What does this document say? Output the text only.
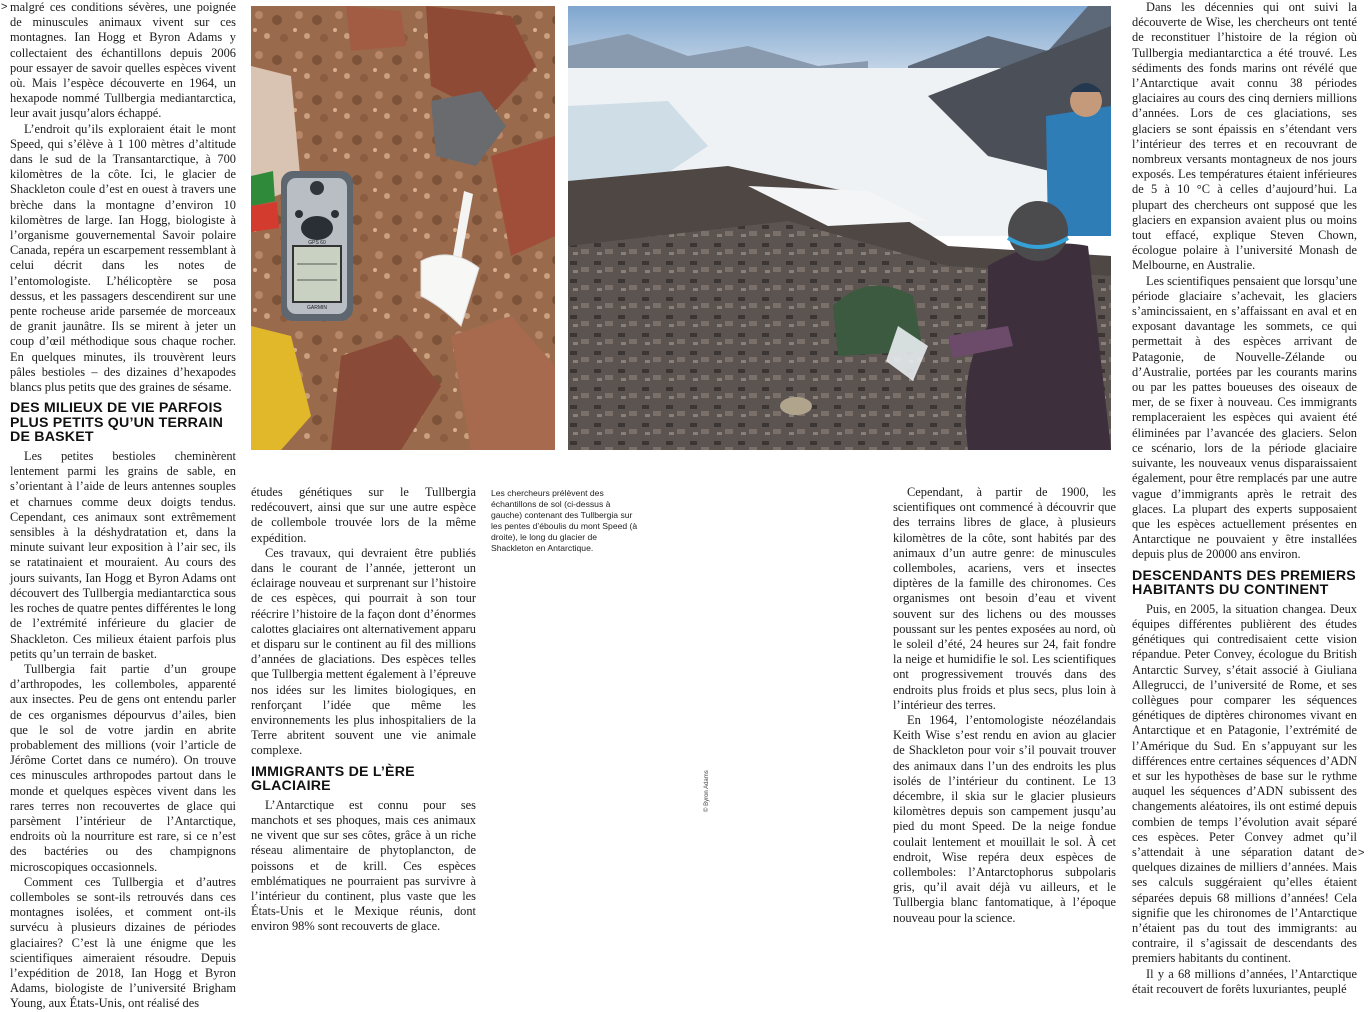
> malgré ces conditions sévères, une poignée de minuscules animaux vivent sur ces montagnes. Ian Hogg et Byron Adams y collectaient des échantillons depuis 2006 pour essayer de savoir quelles espèces vivent où. Mais l’espèce découverte en 1964, un hexapode nommé Tullbergia mediantarctica, leur avait jusqu’alors échappé.

L’endroit qu’ils exploraient était le mont Speed, qui s’élève à 1 100 mètres d’altitude dans le sud de la Transantarctique, à 700 kilomètres de la côte. Ici, le glacier de Shackleton coule d’est en ouest à travers une brèche dans la montagne d’environ 10 kilomètres de large. Ian Hogg, biologiste à l’organisme gouvernemental Savoir polaire Canada, repéra un escarpement ressemblant à celui décrit dans les notes de l’entomologiste. L’hélicoptère se posa dessus, et les passagers descendirent sur une pente rocheuse aride parsemée de morceaux de granit jaunâtre. Ils se mirent à jeter un coup d’œil méthodique sous chaque rocher. En quelques minutes, ils trouvèrent leurs pâles bestioles – des dizaines d’hexapodes blancs plus petits que des graines de sésame.

DES MILIEUX DE VIE PARFOIS PLUS PETITS QU’UN TERRAIN DE BASKET

Les petites bestioles cheminèrent lentement parmi les grains de sable, en s’orientant à l’aide de leurs antennes souples et charnues comme deux doigts tendus. Cependant, ces animaux sont extrêmement sensibles à la déshydratation et, dans la minute suivant leur exposition à l’air sec, ils se ratatinaient et mouraient. Au cours des jours suivants, Ian Hogg et Byron Adams ont découvert des Tullbergia mediantarctica sous les roches de quatre pentes différentes le long de l’extrémité inférieure du glacier de Shackleton. Ces milieux étaient parfois plus petits qu’un terrain de basket.

Tullbergia fait partie d’un groupe d’arthropodes, les collemboles, apparenté aux insectes. Peu de gens ont entendu parler de ces organismes dépourvus d’ailes, bien que le sol de votre jardin en abrite probablement des millions (voir l’article de Jérôme Cortet dans ce numéro). On trouve ces minuscules arthropodes partout dans le monde et quelques espèces vivent dans les rares terres non recouvertes de glace qui parsèment l’intérieur de l’Antarctique, endroits où la nourriture est rare, si ce n’est des bactéries ou des champignons microscopiques occasionnels.

Comment ces Tullbergia et d’autres collemboles se sont-ils retrouvés dans ces montagnes isolées, et comment ont-ils survécu à plusieurs dizaines de périodes glaciaires? C’est là une énigme que les scientifiques aimeraient résoudre. Depuis l’expédition de 2018, Ian Hogg et Byron Adams, biologiste de l’université Brigham Young, aux États-Unis, ont réalisé des

GPS 60
GARMIN
Les chercheurs prélèvent des échantillons de sol (ci-dessus à gauche) contenant des Tullbergia sur les pentes d’éboulis du mont Speed (à droite), le long du glacier de Shackleton en Antarctique.
© Byron Adams

études génétiques sur le Tullbergia redécouvert, ainsi que sur une autre espèce de collembole trouvée lors de la même expédition.

Ces travaux, qui devraient être publiés dans le courant de l’année, jetteront un éclairage nouveau et surprenant sur l’histoire de ces espèces, qui pourrait à son tour réécrire l’histoire de la façon dont d’énormes calottes glaciaires ont alternativement apparu et disparu sur le continent au fil des millions d’années de glaciations. Des espèces telles que Tullbergia mettent également à l’épreuve nos idées sur les limites biologiques, en renforçant l’idée que même les environnements les plus inhospitaliers de la Terre abritent souvent une vie animale complexe.

IMMIGRANTS DE L’ÈRE GLACIAIRE

L’Antarctique est connu pour ses manchots et ses phoques, mais ces animaux ne vivent que sur ses côtes, grâce à un riche réseau alimentaire de phytoplancton, de poissons et de krill. Ces espèces emblématiques ne pourraient pas survivre à l’intérieur du continent, plus vaste que les États-Unis et le Mexique réunis, dont environ 98% sont recouverts de glace.

Cependant, à partir de 1900, les scientifiques ont commencé à découvrir que des terrains libres de glace, à plusieurs kilomètres de la côte, sont habités par des animaux d’un autre genre: de minuscules collemboles, acariens, vers et insectes diptères de la famille des chironomes. Ces organismes ont besoin d’eau et vivent souvent sur des lichens ou des mousses poussant sur les pentes exposées au nord, où le soleil d’été, 24 heures sur 24, fait fondre la neige et humidifie le sol. Les scientifiques ont progressivement trouvés dans des endroits plus froids et plus secs, plus loin à l’intérieur des terres.

En 1964, l’entomologiste néozélandais Keith Wise s’est rendu en avion au glacier de Shackleton pour voir s’il pouvait trouver des animaux dans l’un des endroits les plus isolés de l’intérieur du continent. Le 13 décembre, il skia sur le glacier plusieurs kilomètres depuis son campement jusqu’au pied du mont Speed. De la neige fondue coulait lentement et mouillait le sol. À cet endroit, Wise repéra deux espèces de collemboles: l’Antarctophorus subpolaris gris, qu’il avait déjà vu ailleurs, et le Tullbergia blanc fantomatique, à l’époque nouveau pour la science.

Dans les décennies qui ont suivi la découverte de Wise, les chercheurs ont tenté de reconstituer l’histoire de la région où Tullbergia mediantarctica a été trouvé. Les sédiments des fonds marins ont révélé que l’Antarctique avait connu 38 périodes glaciaires au cours des cinq derniers millions d’années. Lors de ces glaciations, ses glaciers se sont épaissis en s’étendant vers l’intérieur des terres et en recouvrant de nombreux versants montagneux de nos jours exposés. Les températures étaient inférieures de 5 à 10 °C à celles d’aujourd’hui. La plupart des chercheurs ont supposé que les glaciers en expansion avaient plus ou moins tout effacé, explique Steven Chown, écologue polaire à l’université Monash de Melbourne, en Australie.

Les scientifiques pensaient que lorsqu’une période glaciaire s’achevait, les glaciers s’amincissaient, en s’affaissant en aval et en exposant davantage les sommets, ce qui permettait à des espèces arrivant de Patagonie, de Nouvelle-Zélande ou d’Australie, portées par les courants marins ou par les pattes boueuses des oiseaux de mer, de se fixer à nouveau. Ces immigrants remplaceraient les espèces qui avaient été éliminées par l’avancée des glaciers. Selon ce scénario, lors de la période glaciaire suivante, les nouveaux venus disparaissaient également, pour être remplacés par une autre vague d’immigrants après le retrait des glaces. La plupart des experts supposaient que les espèces actuellement présentes en Antarctique ne pouvaient y être installées depuis plus de 20000 ans environ.

DESCENDANTS DES PREMIERS HABITANTS DU CONTINENT

Puis, en 2005, la situation changea. Deux équipes différentes publièrent des études génétiques qui contredisaient cette vision répandue. Peter Convey, écologue du British Antarctic Survey, s’était associé à Giuliana Allegrucci, de l’université de Rome, et ses collègues pour comparer les séquences génétiques de diptères chironomes vivant en Antarctique et en Patagonie, l’extrémité de l’Amérique du Sud. En s’appuyant sur les différences entre certaines séquences d’ADN et sur les hypothèses de base sur le rythme auquel les séquences d’ADN subissent des changements aléatoires, ils ont estimé depuis combien de temps l’évolution avait séparé ces espèces. Peter Convey admet qu’il s’attendait à une séparation datant de quelques dizaines de milliers d’années. Mais ses calculs suggéraient qu’elles étaient séparées depuis 68 millions d’années! Cela signifie que les chironomes de l’Antarctique n’étaient pas du tout des immigrants: au contraire, il s’agissait de descendants des premiers habitants du continent.

Il y a 68 millions d’années, l’Antarctique était recouvert de forêts luxuriantes, peuplé

>
